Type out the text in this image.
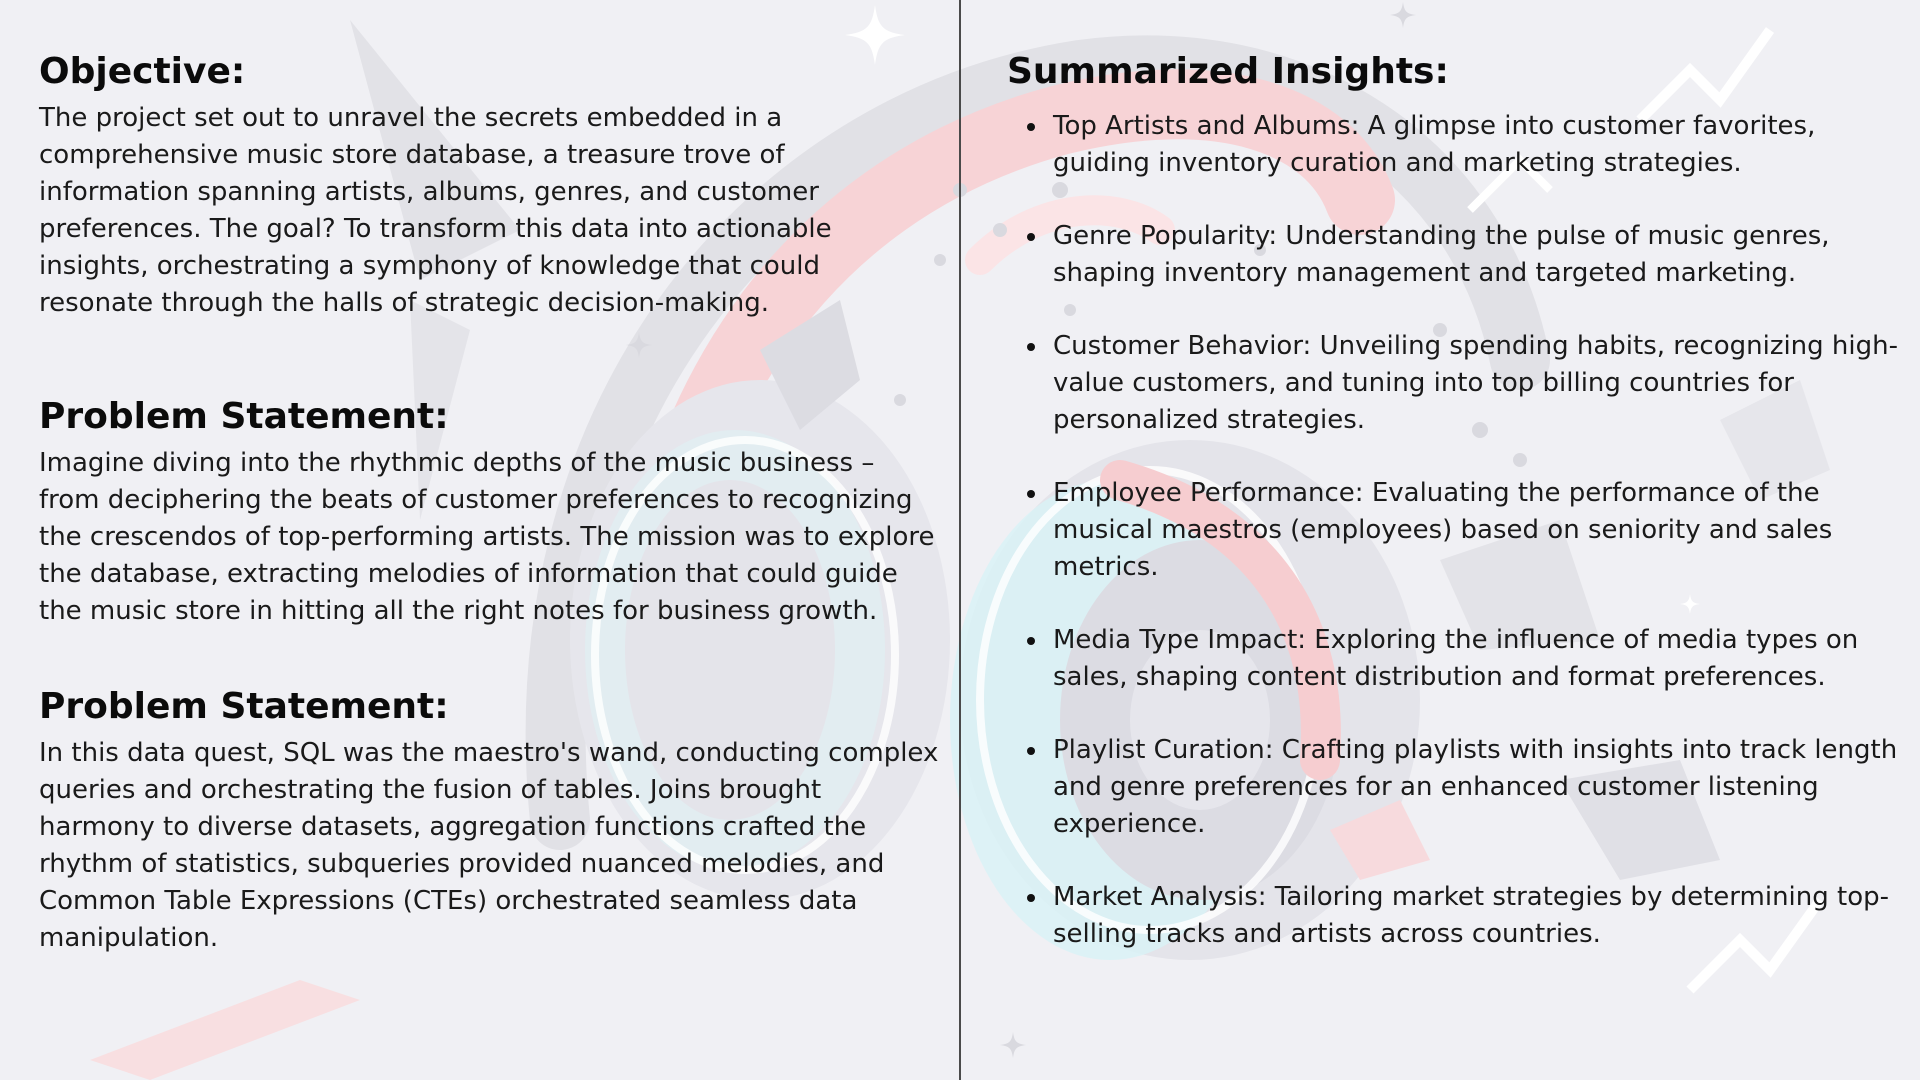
Objective:

The project set out to unravel the secrets embedded in a comprehensive music store database, a treasure trove of information spanning artists, albums, genres, and customer preferences. The goal? To transform this data into actionable insights, orchestrating a symphony of knowledge that could resonate through the halls of strategic decision-making.

Problem Statement:

Imagine diving into the rhythmic depths of the music business – from deciphering the beats of customer preferences to recognizing the crescendos of top-performing artists. The mission was to explore the database, extracting melodies of information that could guide the music store in hitting all the right notes for business growth.

Problem Statement:

In this data quest, SQL was the maestro's wand, conducting complex queries and orchestrating the fusion of tables. Joins brought harmony to diverse datasets, aggregation functions crafted the rhythm of statistics, subqueries provided nuanced melodies, and Common Table Expressions (CTEs) orchestrated seamless data manipulation.

Summarized Insights:
Top Artists and Albums: A glimpse into customer favorites, guiding inventory curation and marketing strategies.
Genre Popularity: Understanding the pulse of music genres, shaping inventory management and targeted marketing.
Customer Behavior: Unveiling spending habits, recognizing high-value customers, and tuning into top billing countries for personalized strategies.
Employee Performance: Evaluating the performance of the musical maestros (employees) based on seniority and sales metrics.
Media Type Impact: Exploring the influence of media types on sales, shaping content distribution and format preferences.
Playlist Curation: Crafting playlists with insights into track length and genre preferences for an enhanced customer listening experience.
Market Analysis: Tailoring market strategies by determining top-selling tracks and artists across countries.
